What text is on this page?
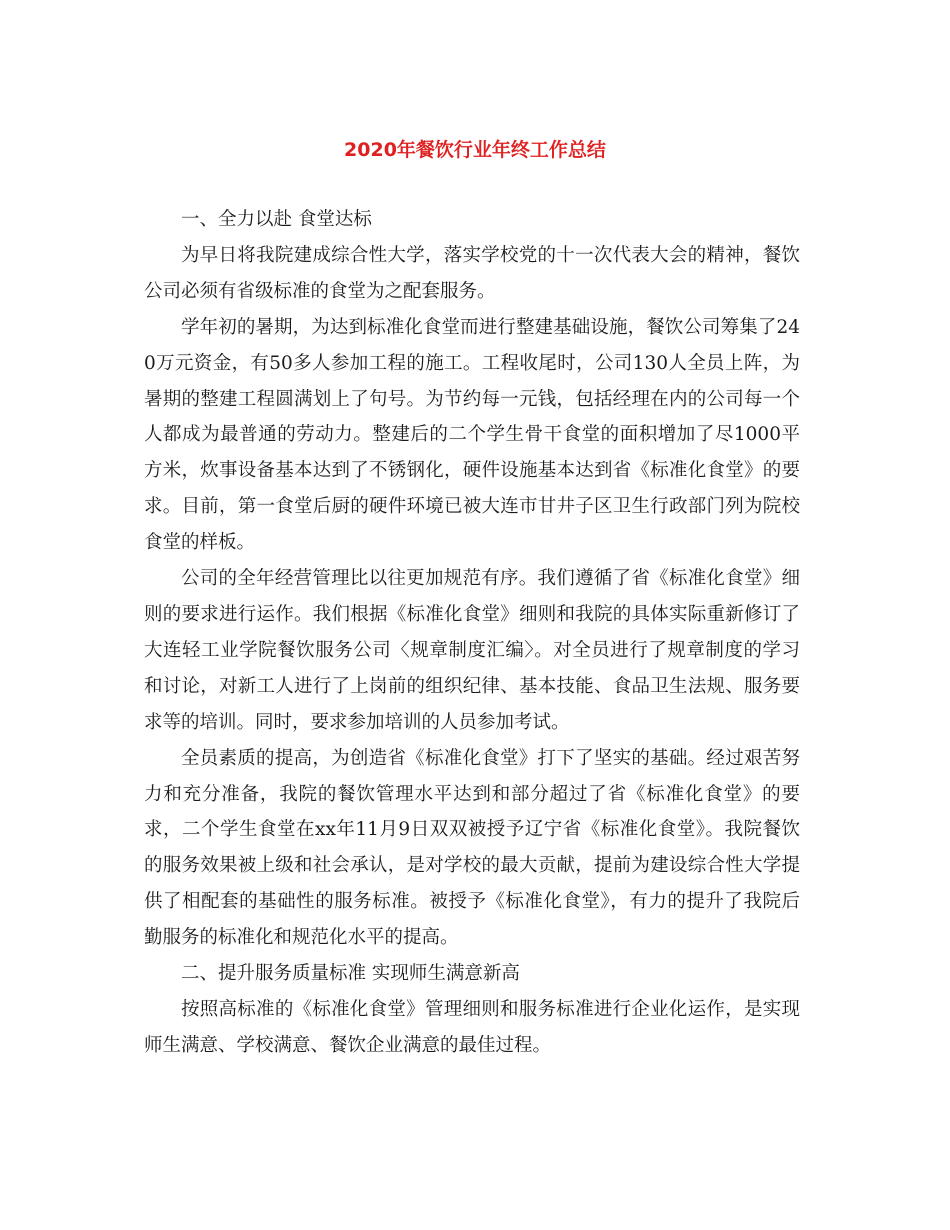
2020年餐饮行业年终工作总结

一、全力以赴 食堂达标

为早日将我院建成综合性大学，落实学校党的十一次代表大会的精神，餐饮公司必须有省级标准的食堂为之配套服务。

学年初的暑期，为达到标准化食堂而进行整建基础设施，餐饮公司筹集了240万元资金，有50多人参加工程的施工。工程收尾时，公司130人全员上阵，为暑期的整建工程圆满划上了句号。为节约每一元钱，包括经理在内的公司每一个人都成为最普通的劳动力。整建后的二个学生骨干食堂的面积增加了尽1000平方米，炊事设备基本达到了不锈钢化，硬件设施基本达到省《标准化食堂》的要求。目前，第一食堂后厨的硬件环境已被大连市甘井子区卫生行政部门列为院校食堂的样板。

公司的全年经营管理比以往更加规范有序。我们遵循了省《标准化食堂》细则的要求进行运作。我们根据《标准化食堂》细则和我院的具体实际重新修订了大连轻工业学院餐饮服务公司〈规章制度汇编〉。对全员进行了规章制度的学习和讨论，对新工人进行了上岗前的组织纪律、基本技能、食品卫生法规、服务要求等的培训。同时，要求参加培训的人员参加考试。

全员素质的提高，为创造省《标准化食堂》打下了坚实的基础。经过艰苦努力和充分准备，我院的餐饮管理水平达到和部分超过了省《标准化食堂》的要求，二个学生食堂在xx年11月9日双双被授予辽宁省《标准化食堂》。我院餐饮的服务效果被上级和社会承认，是对学校的最大贡献，提前为建设综合性大学提供了相配套的基础性的服务标准。被授予《标准化食堂》，有力的提升了我院后勤服务的标准化和规范化水平的提高。

二、提升服务质量标准 实现师生满意新高

按照高标准的《标准化食堂》管理细则和服务标准进行企业化运作，是实现师生满意、学校满意、餐饮企业满意的最佳过程。
